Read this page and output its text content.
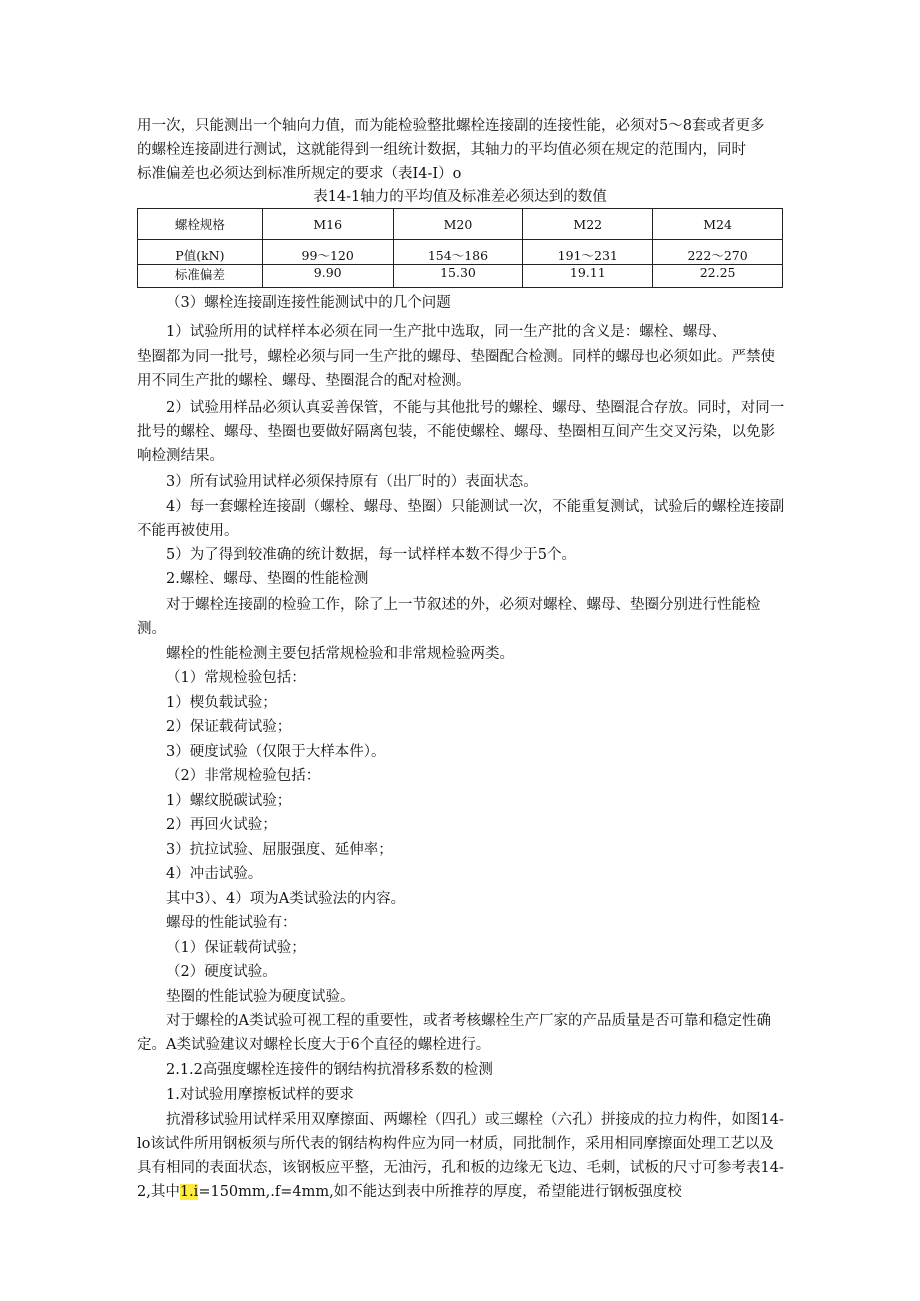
用一次，只能测出一个轴向力值，而为能检验整批螺栓连接副的连接性能，必须对5〜8套或者更多
的螺栓连接副进行测试，这就能得到一组统计数据，其轴力的平均值必须在规定的范围内，同时
标准偏差也必须达到标准所规定的要求（表I4-I）o
表14-1轴力的平均值及标准差必须达到的数值
螺栓规格	M16	M20	M22	M24
P值(kN)	99～120	154～186	191～231	222～270
标准偏差	9.90	15.30	19.11	22.25
（3）螺栓连接副连接性能测试中的几个问题
1）试验所用的试样样本必须在同一生产批中选取，同一生产批的含义是：螺栓、螺母、
垫圈都为同一批号，螺栓必须与同一生产批的螺母、垫圈配合检测。同样的螺母也必须如此。严禁使用不同生产批的螺栓、螺母、垫圈混合的配对检测。
2）试验用样品必须认真妥善保管，不能与其他批号的螺栓、螺母、垫圈混合存放。同时，对同一批号的螺栓、螺母、垫圈也要做好隔离包装，不能使螺栓、螺母、垫圈相互间产生交叉污染，以免影响检测结果。
3）所有试验用试样必须保持原有（出厂时的）表面状态。
4）每一套螺栓连接副（螺栓、螺母、垫圈）只能测试一次，不能重复测试，试验后的螺栓连接副不能再被使用。
5）为了得到较准确的统计数据，每一试样样本数不得少于5个。
2.螺栓、螺母、垫圈的性能检测
对于螺栓连接副的检验工作，除了上一节叙述的外，必须对螺栓、螺母、垫圈分别进行性能检测。
螺栓的性能检测主要包括常规检验和非常规检验两类。
（1）常规检验包括：
1）楔负载试验；
2）保证载荷试验；
3）硬度试验（仅限于大样本件）。
（2）非常规检验包括：
1）螺纹脱碳试验；
2）再回火试验；
3）抗拉试验、屈服强度、延伸率；
4）冲击试验。
其中3）、4）项为A类试验法的内容。
螺母的性能试验有：
（1）保证载荷试验；
（2）硬度试验。
垫圈的性能试验为硬度试验。
对于螺栓的A类试验可视工程的重要性，或者考核螺栓生产厂家的产品质量是否可靠和稳定性确定。A类试验建议对螺栓长度大于6个直径的螺栓进行。
2.1.2高强度螺栓连接件的钢结构抗滑移系数的检测
1.对试验用摩擦板试样的要求
抗滑移试验用试样采用双摩擦面、两螺栓（四孔）或三螺栓（六孔）拼接成的拉力构件，如图14-lo该试件所用钢板须与所代表的钢结构构件应为同一材质，同批制作，采用相同摩擦面处理工艺以及具有相同的表面状态，该钢板应平整，无油污，孔和板的边缘无飞边、毛刺，试板的尺寸可参考表14-2,其中1.i=150mm,.f=4mm,如不能达到表中所推荐的厚度，希望能进行钢板强度校
